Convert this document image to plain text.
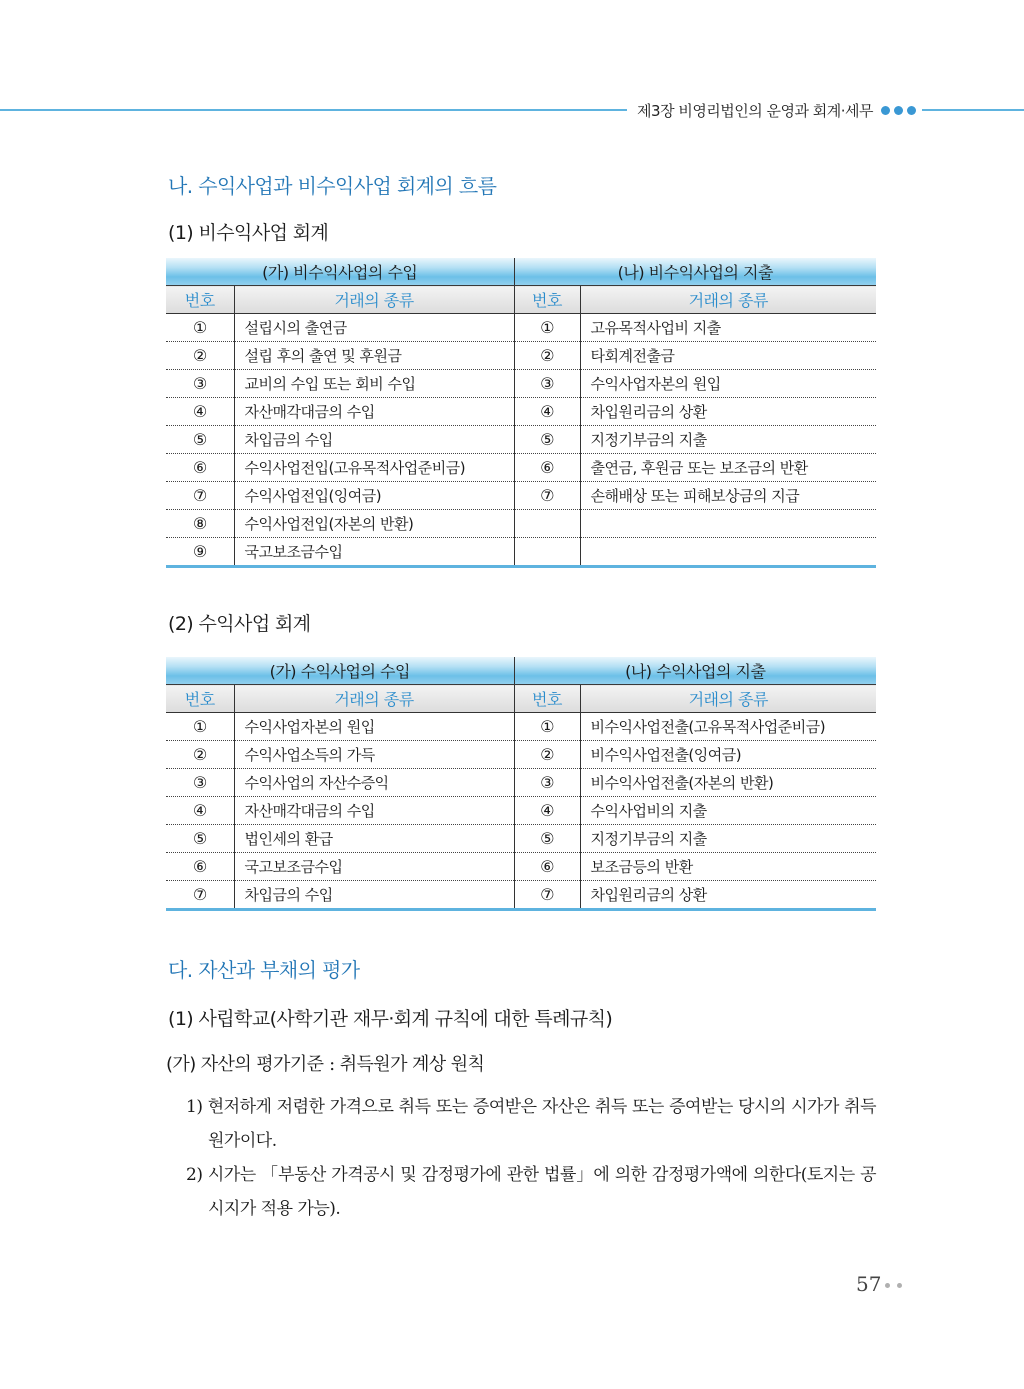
제3장 비영리법인의 운영과 회계·세무
나. 수익사업과 비수익사업 회계의 흐름
(1) 비수익사업 회계
(가) 비수익사업의 수입		(나) 비수익사업의 지출	
번호	거래의 종류	번호	거래의 종류
①	설립시의 출연금	①	고유목적사업비 지출
②	설립 후의 출연 및 후원금	②	타회계전출금
③	교비의 수입 또는 회비 수입	③	수익사업자본의 원입
④	자산매각대금의 수입	④	차입원리금의 상환
⑤	차입금의 수입	⑤	지정기부금의 지출
⑥	수익사업전입(고유목적사업준비금)	⑥	출연금, 후원금 또는 보조금의 반환
⑦	수익사업전입(잉여금)	⑦	손해배상 또는 피해보상금의 지급
⑧	수익사업전입(자본의 반환)		
⑨	국고보조금수입		
(2) 수익사업 회계
(가) 수익사업의 수입		(나) 수익사업의 지출	
번호	거래의 종류	번호	거래의 종류
①	수익사업자본의 원입	①	비수익사업전출(고유목적사업준비금)
②	수익사업소득의 가득	②	비수익사업전출(잉여금)
③	수익사업의 자산수증익	③	비수익사업전출(자본의 반환)
④	자산매각대금의 수입	④	수익사업비의 지출
⑤	법인세의 환급	⑤	지정기부금의 지출
⑥	국고보조금수입	⑥	보조금등의 반환
⑦	차입금의 수입	⑦	차입원리금의 상환
다. 자산과 부채의 평가
(1) 사립학교(사학기관 재무·회계 규칙에 대한 특례규칙)
(가) 자산의 평가기준 : 취득원가 계상 원칙
1) 현저하게 저렴한 가격으로 취득 또는 증여받은 자산은 취득 또는 증여받는 당시의 시가가 취득원가이다.
2) 시가는 「부동산 가격공시 및 감정평가에 관한 법률」에 의한 감정평가액에 의한다(토지는 공시지가 적용 가능).
57
